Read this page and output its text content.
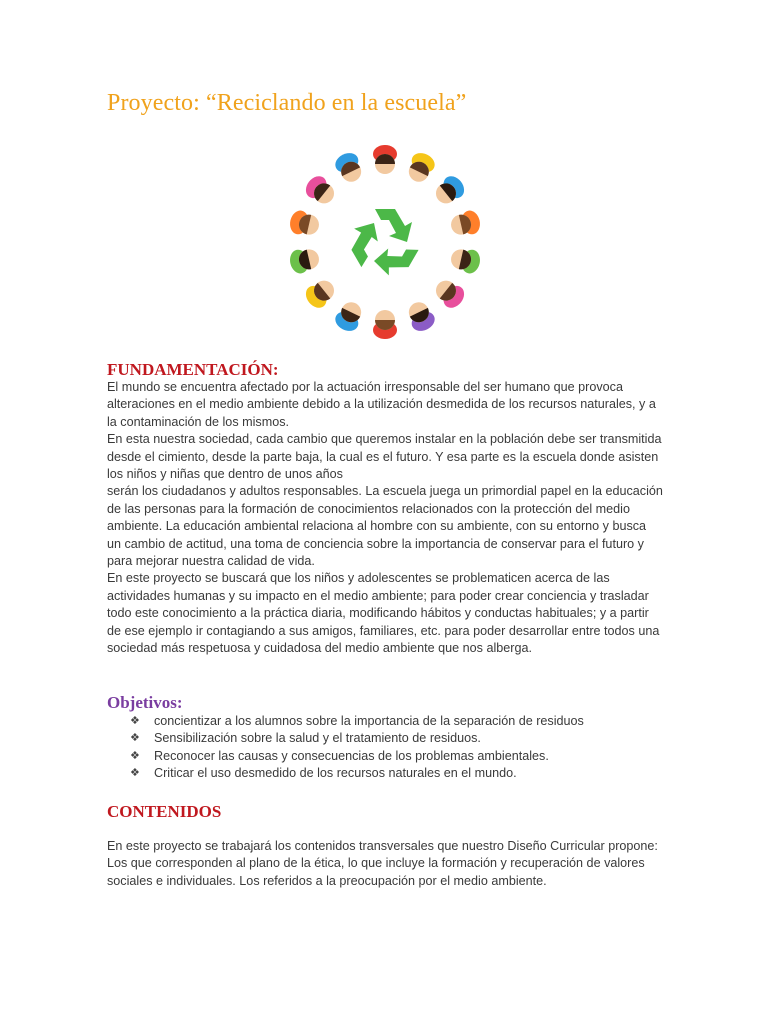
Proyecto: “Reciclando en la escuela”
FUNDAMENTACIÓN:

El mundo se encuentra afectado por la actuación irresponsable del ser humano que provoca

alteraciones en el medio ambiente debido a la utilización desmedida de los recursos naturales, y a

la contaminación de los mismos.

En esta nuestra sociedad, cada cambio que queremos instalar en la población debe ser transmitida

desde el cimiento, desde la parte baja, la cual es el futuro. Y esa parte es la escuela donde asisten

los niños y niñas que dentro de unos años

serán los ciudadanos y adultos responsables. La escuela juega un primordial papel en la educación

de las personas para la formación de conocimientos relacionados con la protección del medio

ambiente. La educación ambiental relaciona al hombre con su ambiente, con su entorno y busca

un cambio de actitud, una toma de conciencia sobre la importancia de conservar para el futuro y

para mejorar nuestra calidad de vida.

En este proyecto se buscará que los niños y adolescentes se problematicen acerca de las

actividades humanas y su impacto en el medio ambiente; para poder crear conciencia y trasladar

todo este conocimiento a la práctica diaria, modificando hábitos y conductas habituales; y a partir

de ese ejemplo ir contagiando a sus amigos, familiares, etc. para poder desarrollar entre todos una

sociedad más respetuosa y cuidadosa del medio ambiente que nos alberga.

Objetivos:
❖ concientizar a los alumnos sobre la importancia de la separación de residuos
❖ Sensibilización sobre la salud y el tratamiento de residuos.
❖ Reconocer las causas y consecuencias de los problemas ambientales.
❖ Criticar el uso desmedido de los recursos naturales en el mundo.
CONTENIDOS

En este proyecto se trabajará los contenidos transversales que nuestro Diseño Curricular propone:

Los que corresponden al plano de la ética, lo que incluye la formación y recuperación de valores

sociales e individuales. Los referidos a la preocupación por el medio ambiente.
